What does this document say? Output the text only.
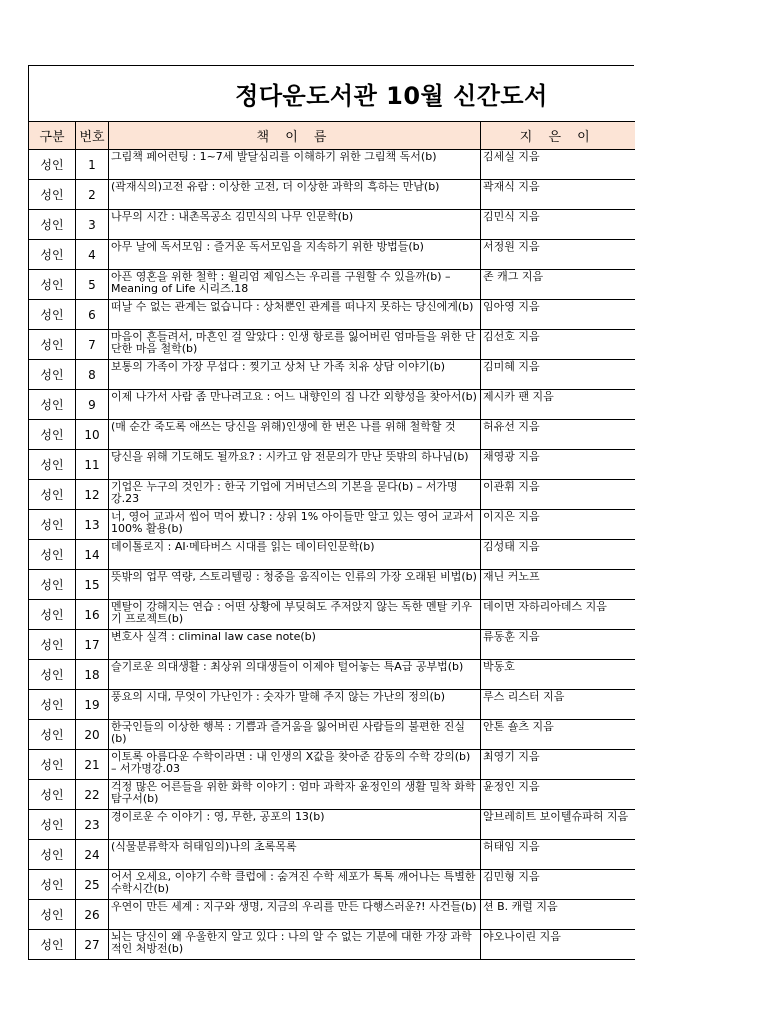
정다운도서관 10월 신간도서
구분	번호	책 이 름	지 은 이
성인	1	그림책 페어런팅 : 1~7세 발달심리를 이해하기 위한 그림책 독서(b)	김세실 지음
성인	2	(곽재식의)고전 유람 : 이상한 고전, 더 이상한 과학의 흑하는 만남(b)	곽재식 지음
성인	3	나무의 시간 : 내촌목공소 김민식의 나무 인문학(b)	김민식 지음
성인	4	아무 날에 독서모임 : 즐거운 독서모임을 지속하기 위한 방법들(b)	서정원 지음
성인	5	아픈 영혼을 위한 철학 : 윌리엄 제임스는 우리를 구원할 수 있을까(b) – Meaning of Life 시리즈.18	존 캐그 지음
성인	6	떠날 수 없는 관계는 없습니다 : 상처뿐인 관계를 떠나지 못하는 당신에게(b)	임아영 지음
성인	7	마음이 흔들려서, 마흔인 걸 알았다 : 인생 항로를 잃어버린 엄마들을 위한 단단한 마음 철학(b)	김선호 지음
성인	8	보통의 가족이 가장 무섭다 : 찢기고 상처 난 가족 치유 상담 이야기(b)	김미혜 지음
성인	9	이제 나가서 사람 좀 만나려고요 : 어느 내향인의 집 나간 외향성을 찾아서(b)	제시카 팬 지음
성인	10	(매 순간 죽도록 애쓰는 당신을 위해)인생에 한 번은 나를 위해 철학할 것	허유선 지음
성인	11	당신을 위해 기도해도 될까요? : 시카고 암 전문의가 만난 뜻밖의 하나님(b)	채영광 지음
성인	12	기업은 누구의 것인가 : 한국 기업에 거버넌스의 기본을 묻다(b) – 서가명강.23	이관휘 지음
성인	13	너, 영어 교과서 씹어 먹어 봤니? : 상위 1% 아이들만 알고 있는 영어 교과서 100% 활용(b)	이지은 지음
성인	14	데이톨로지 : AI·메타버스 시대를 읽는 데이터인문학(b)	김성태 지음
성인	15	뜻밖의 업무 역량, 스토리텔링 : 청중을 움직이는 인류의 가장 오래된 비법(b)	재닌 커노프
성인	16	멘탈이 강해지는 연습 : 어떤 상황에 부딪혀도 주저앉지 않는 독한 멘탈 키우기 프로젝트(b)	데이먼 자하리아데스 지음
성인	17	변호사 실격 : climinal law case note(b)	류동훈 지음
성인	18	슬기로운 의대생활 : 최상위 의대생들이 이제야 털어놓는 특A급 공부법(b)	박동호
성인	19	풍요의 시대, 무엇이 가난인가 : 숫자가 말해 주지 않는 가난의 정의(b)	루스 리스터 지음
성인	20	한국인들의 이상한 행복 : 기쁨과 즐거움을 잃어버린 사람들의 불편한 진실(b)	안톤 숄츠 지음
성인	21	이토록 아름다운 수학이라면 : 내 인생의 X값을 찾아준 감동의 수학 강의(b) – 서가명강.03	최영기 지음
성인	22	걱정 많은 어른들을 위한 화학 이야기 : 엄마 과학자 윤정인의 생활 밀착 화학 탐구서(b)	윤정인 지음
성인	23	경이로운 수 이야기 : 영, 무한, 공포의 13(b)	알브레히트 보이텔슈파허 지음
성인	24	(식물분류학자 허태임의)나의 초록목록	허태임 지음
성인	25	어서 오세요, 이야기 수학 클럽에 : 숨겨진 수학 세포가 톡톡 깨어나는 특별한 수학시간(b)	김민형 지음
성인	26	우연이 만든 세계 : 지구와 생명, 지금의 우리를 만든 다행스러운?! 사건들(b)	션 B. 캐럴 지음
성인	27	뇌는 당신이 왜 우울한지 알고 있다 : 나의 알 수 없는 기분에 대한 가장 과학적인 처방전(b)	야오나이린 지음
